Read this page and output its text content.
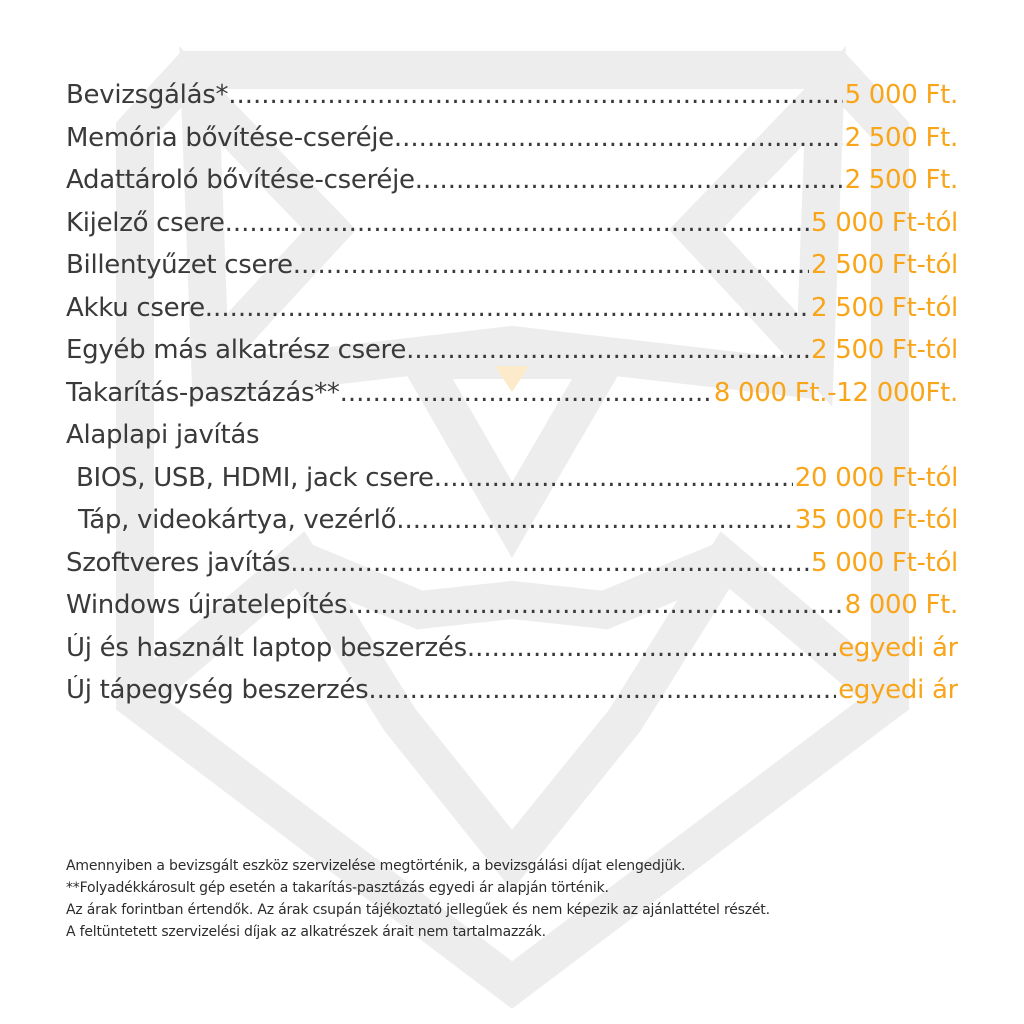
Bevizsgálás* .....	5 000 Ft.
Memória bővítése-cseréje .....	2 500 Ft.
Adattároló bővítése-cseréje .....	2 500 Ft.
Kijelző csere .....	5 000 Ft-tól
Billentyűzet csere .....	2 500 Ft-tól
Akku csere .....	2 500 Ft-tól
Egyéb más alkatrész csere .....	2 500 Ft-tól
Takarítás-pasztázás** .....	8 000 Ft.-12 000Ft.
Alaplapi javítás
BIOS, USB, HDMI, jack csere .....	20 000 Ft-tól
Táp, videokártya, vezérlő .....	35 000 Ft-tól
Szoftveres javítás .....	5 000 Ft-tól
Windows újratelepítés .....	8 000 Ft.
Új és használt laptop beszerzés .....	egyedi ár
Új tápegység beszerzés .....	egyedi ár
Amennyiben a bevizsgált eszköz szervizelése megtörténik, a bevizsgálási díjat elengedjük.
**Folyadékkárosult gép esetén a takarítás-pasztázás egyedi ár alapján történik.
Az árak forintban értendők. Az árak csupán tájékoztató jellegűek és nem képezik az ajánlattétel részét.
A feltüntetett szervizelési díjak az alkatrészek árait nem tartalmazzák.
